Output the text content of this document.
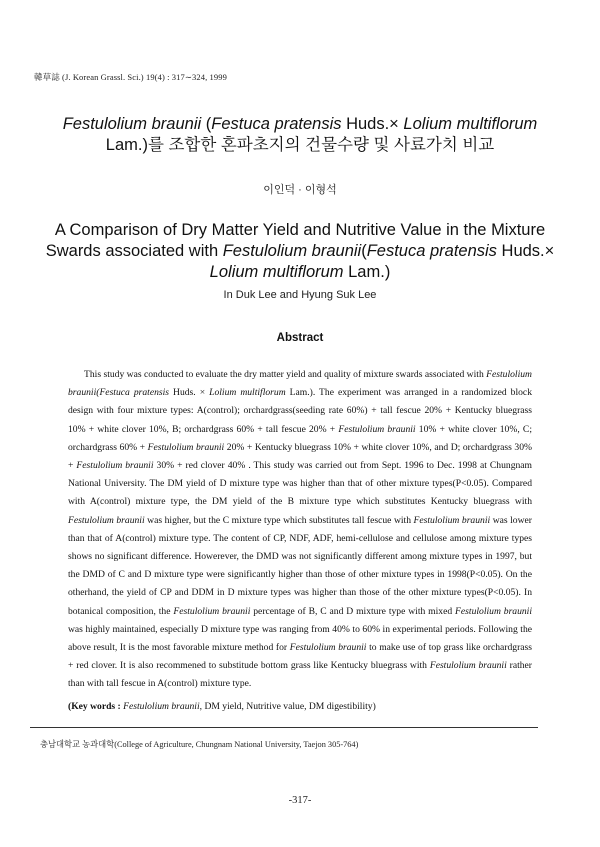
韓草誌 (J. Korean Grassl. Sci.) 19(4) : 317∼324, 1999
Festulolium braunii (Festuca pratensis Huds.× Lolium multiflorum Lam.)를 조합한 혼파초지의 건물수량 및 사료가치 비교
이인덕 · 이형석
A Comparison of Dry Matter Yield and Nutritive Value in the Mixture Swards associated with Festulolium braunii(Festuca pratensis Huds.× Lolium multiflorum Lam.)
In Duk Lee and Hyung Suk Lee
Abstract

This study was conducted to evaluate the dry matter yield and quality of mixture swards associated with Festulolium braunii(Festuca pratensis Huds. × Lolium multiflorum Lam.). The experiment was arranged in a randomized block design with four mixture types: A(control); orchardgrass(seeding rate 60%) + tall fescue 20% + Kentucky bluegrass 10% + white clover 10%, B; orchardgrass 60% + tall fescue 20% + Festulolium braunii 10% + white clover 10%, C; orchardgrass 60% + Festulolium braunii 20% + Kentucky bluegrass 10% + white clover 10%, and D; orchardgrass 30% + Festulolium braunii 30% + red clover 40% . This study was carried out from Sept. 1996 to Dec. 1998 at Chungnam National University. The DM yield of D mixture type was higher than that of other mixture types(P<0.05). Compared with A(control) mixture type, the DM yield of the B mixture type which substitutes Kentucky bluegrass with Festulolium braunii was higher, but the C mixture type which substitutes tall fescue with Festulolium braunii was lower than that of A(control) mixture type. The content of CP, NDF, ADF, hemi-cellulose and cellulose among mixture types shows no significant difference. Howerever, the DMD was not significantly different among mixture types in 1997, but the DMD of C and D mixture type were significantly higher than those of other mixture types in 1998(P<0.05). On the otherhand, the yield of CP and DDM in D mixture types was higher than those of the other mixture types(P<0.05). In botanical composition, the Festulolium braunii percentage of B, C and D mixture type with mixed Festulolium braunii was highly maintained, especially D mixture type was ranging from 40% to 60% in experimental periods. Following the above result, It is the most favorable mixture method for Festulolium braunii to make use of top grass like orchardgrass + red clover. It is also recommened to substitude bottom grass like Kentucky bluegrass with Festulolium braunii rather than with tall fescue in A(control) mixture type.

(Key words : Festulolium braunii, DM yield, Nutritive value, DM digestibility)
충남대학교 농과대학(College of Agriculture, Chungnam National University, Taejon 305-764)
-317-
